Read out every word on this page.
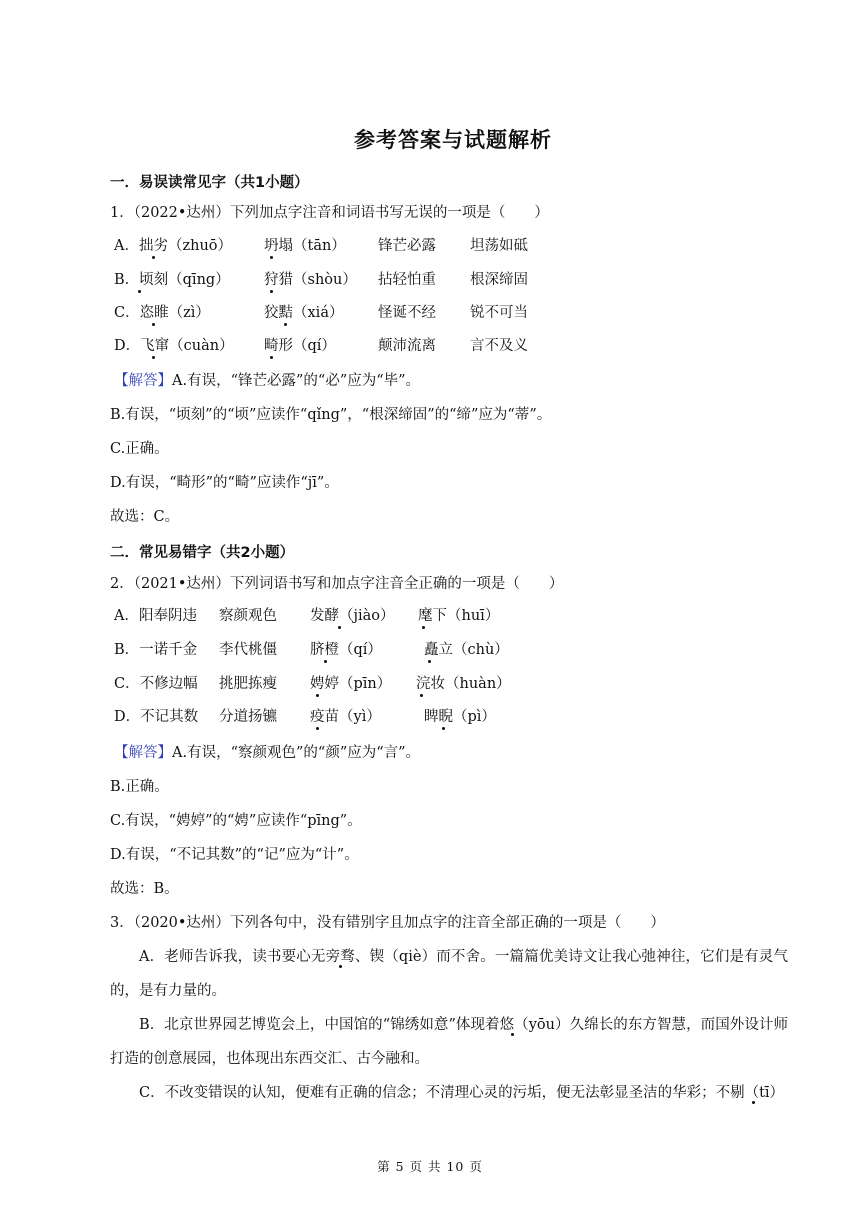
参考答案与试题解析
一．易误读常见字（共1小题）
1．（2022•达州）下列加点字注音和词语书写无误的一项是（　　）
A．拙劣（zhuō） 坍塌（tān） 锋芒必露 坦荡如砥
B．顷刻（qīng） 狩猎（shòu） 拈轻怕重 根深缔固
C．恣睢（zì）	狡黠（xiá） 怪诞不经 锐不可当
D．飞窜（cuàn） 畸形（qí）	颠沛流离 言不及义
【解答】A.有误，“锋芒必露”的“必”应为“毕”。
B.有误，“顷刻”的“顷”应读作“qǐng”，“根深缔固”的“缔”应为“蒂”。
C.正确。
D.有误，“畸形”的“畸”应读作“jī”。
故选：C。
二．常见易错字（共2小题）
2．（2021•达州）下列词语书写和加点字注音全正确的一项是（　　）
A．阳奉阴违 察颜观色 发酵（jiào） 麾下（huī）
B．一诺千金 李代桃僵 脐橙（qí）	矗立（chù）
C．不修边幅 挑肥拣瘦 娉婷（pīn） 浣妆（huàn）
D．不记其数 分道扬镳 疫苗（yì）	睥睨（pì）
【解答】A.有误，“察颜观色”的“颜”应为“言”。
B.正确。
C.有误，“娉婷”的“娉”应读作“pīng”。
D.有误，“不记其数”的“记”应为“计”。
故选：B。
3．（2020•达州）下列各句中，没有错别字且加点字的注音全部正确的一项是（　　）
A．老师告诉我，读书要心无旁骛、锲（qiè）而不舍。一篇篇优美诗文让我心弛神往，它们是有灵气的，是有力量的。
B．北京世界园艺博览会上，中国馆的“锦绣如意”体现着悠（yōu）久绵长的东方智慧，而国外设计师打造的创意展园，也体现出东西交汇、古今融和。
C．不改变错误的认知，便难有正确的信念；不清理心灵的污垢，便无法彰显圣洁的华彩；不剔（tī）
第 5 页 共 10 页
